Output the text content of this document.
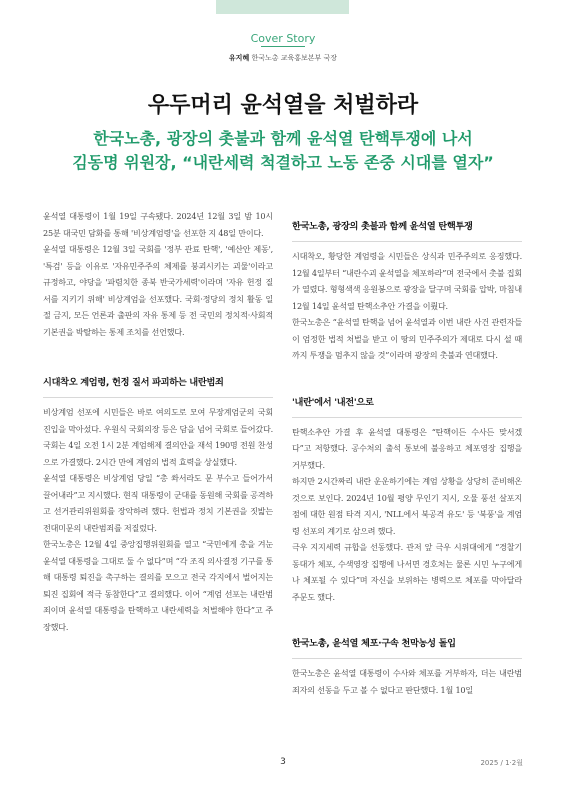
Cover Story
유지혜 한국노총 교육홍보본부 국장
우두머리 윤석열을 처벌하라
한국노총, 광장의 촛불과 함께 윤석열 탄핵투쟁에 나서
김동명 위원장, “내란세력 척결하고 노동 존중 시대를 열자”

윤석열 대통령이 1월 19일 구속됐다. 2024년 12월 3일 밤 10시 25분 대국민 담화를 통해 '비상계엄령'을 선포한 지 48일 만이다.

윤석열 대통령은 12월 3일 국회를 '정부 관료 탄핵', '예산안 제동', '특검' 등을 이유로 '자유민주주의 체제를 붕괴시키는 괴물'이라고 규정하고, 야당을 '파렴치한 종북 반국가세력'이라며 '자유 헌정 질서를 지키기 위해' 비상계엄을 선포했다. 국회·정당의 정치 활동 일절 금지, 모든 언론과 출판의 자유 통제 등 전 국민의 정치적·사회적 기본권을 박탈하는 통제 조치를 선언했다.

시대착오 계엄령, 헌정 질서 파괴하는 내란범죄

비상계엄 선포에 시민들은 바로 여의도로 모여 무장계엄군의 국회 진입을 막아섰다. 우원식 국회의장 등은 담을 넘어 국회로 들어갔다. 국회는 4일 오전 1시 2분 계엄해제 결의안을 재석 190명 전원 찬성으로 가결했다. 2시간 만에 계엄의 법적 효력을 상실했다.

윤석열 대통령은 비상계엄 당일 “총 쏴서라도 문 부수고 들어가서 끌어내라”고 지시했다. 현직 대통령이 군대를 동원해 국회를 공격하고 선거관리위원회를 장악하려 했다. 헌법과 정치 기본권을 짓밟는 전대미문의 내란범죄를 저질렀다.

한국노총은 12월 4일 중앙집행위원회를 열고 “국민에게 총을 겨눈 윤석열 대통령을 그대로 둘 수 없다”며 “각 조직 의사결정 기구를 통해 대통령 퇴진을 촉구하는 결의를 모으고 전국 각지에서 벌어지는 퇴진 집회에 적극 동참한다”고 결의했다. 이어 “계엄 선포는 내란범죄이며 윤석열 대통령을 탄핵하고 내란세력을 처벌해야 한다”고 주장했다.

한국노총, 광장의 촛불과 함께 윤석열 탄핵투쟁

시대착오, 황당한 계엄령을 시민들은 상식과 민주주의로 응징했다. 12월 4일부터 “내란수괴 윤석열을 체포하라”며 전국에서 촛불 집회가 열렸다. 형형색색 응원봉으로 광장을 달구며 국회를 압박, 마침내 12월 14일 윤석열 탄핵소추안 가결을 이뤘다.

한국노총은 “윤석열 탄핵을 넘어 윤석열과 이번 내란 사건 관련자들이 엄정한 법적 처벌을 받고 이 땅의 민주주의가 제대로 다시 설 때까지 투쟁을 멈추지 않을 것”이라며 광장의 촛불과 연대했다.

'내란'에서 '내전'으로

탄핵소추안 가결 후 윤석열 대통령은 “탄핵이든 수사든 맞서겠다”고 저항했다. 공수처의 출석 통보에 불응하고 체포영장 집행을 거부했다.

하지만 2시간짜리 내란 운운하기에는 계엄 상황을 상당히 준비해온 것으로 보인다. 2024년 10월 평양 무인기 지시, 오물 풍선 살포지점에 대한 원점 타격 지시, 'NLL에서 북공격 유도' 등 '북풍'을 계엄령 선포의 계기로 삼으려 했다.

극우 지지세력 규합을 선동했다. 관저 앞 극우 시위대에게 “경찰기동대가 체포, 수색영장 집행에 나서면 경호처는 물론 시민 누구에게나 체포될 수 있다”며 자신을 보위하는 병력으로 체포를 막아달라 주문도 했다.

한국노총, 윤석열 체포·구속 천막농성 돌입

한국노총은 윤석열 대통령이 수사와 체포를 거부하자, 더는 내란범죄자의 선동을 두고 볼 수 없다고 판단했다. 1월 10일

3	2025 / 1·2월
